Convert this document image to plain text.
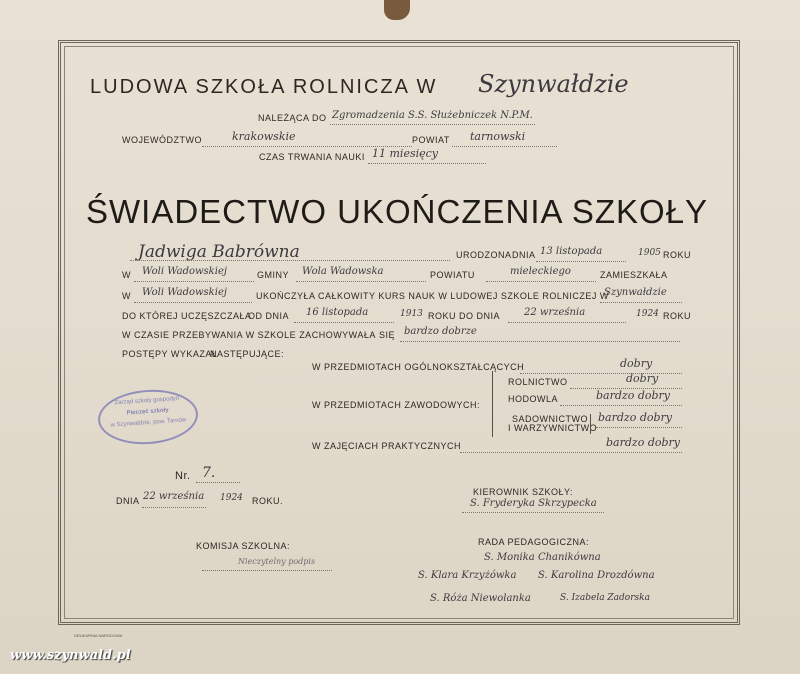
LUDOWA SZKOŁA ROLNICZA W Szynwałdzie
NALEŻĄCA DO Zgromadzenia S.S. Służebniczek N.P.M.
WOJEWÓDZTWO	krakowskie	POWIAT tarnowski
CZAS TRWANIA NAUKI 11 miesięcy
ŚWIADECTWO UKOŃCZENIA SZKOŁY
Jadwiga Babrówna	URODZONA DNIA 13 listopada	1905 ROKU
W Woli Wadowskiej	GMINY Wola Wadowska	POWIATU	mieleckiego	ZAMIESZKAŁA
W Woli Wadowskiej	UKOŃCZYŁA CAŁKOWITY KURS NAUK W LUDOWEJ SZKOLE ROLNICZEJ W
Szynwałdzie
DO KTÓREJ UCZĘSZCZAŁA
OD DNIA 16 listopada	1913 ROKU DO DNIA 22 września	1924 ROKU
W CZASIE PRZEBYWANIA W SZKOLE ZACHOWYWAŁA SIĘ bardzo dobrze
POSTĘPY WYKAZAŁ
NASTĘPUJĄCE:
W PRZEDMIOTACH OGÓLNOKSZTAŁCĄCYCH	dobry
W PRZEDMIOTACH ZAWODOWYCH:
ROLNICTWO	dobry
HODOWLA	bardzo dobry
SADOWNICTWO
I WARZYWNICTWO
bardzo dobry
W ZAJĘCIACH PRAKTYCZNYCH	bardzo dobry
Zarząd szkoły gospodyń
Pieczęć szkoły
w Szynwałdzie, pow. Tarnów
Nr. 7.
DNIA 22 września 1924 ROKU.
KIEROWNIK SZKOŁY:
S. Fryderyka Skrzypecka
KOMISJA SZKOLNA:
Nieczytelny podpis
RADA PEDAGOGICZNA:
S. Monika Chanikówna
S. Klara Krzyżówka S. Karolina Drozdówna
S. Róża Niewolanka	S. Izabela Zadorska
DRUKARNIA NARODOWA
www.szynwald.pl
